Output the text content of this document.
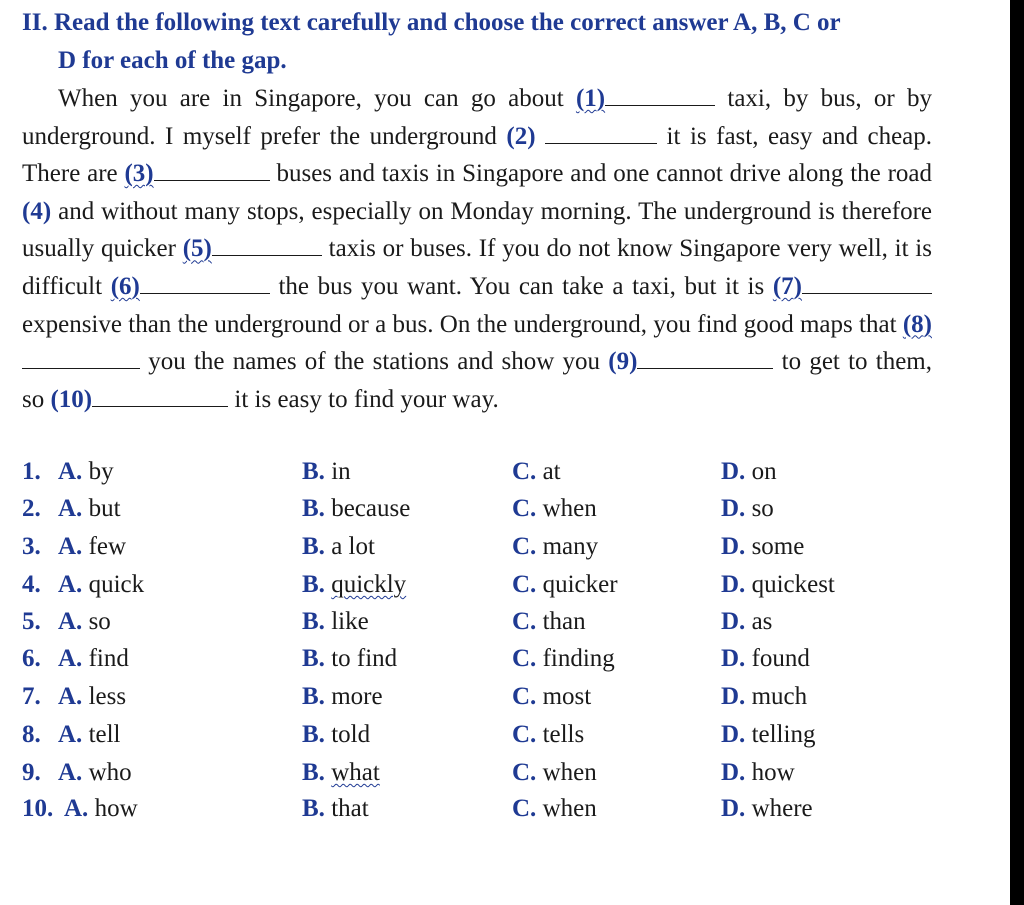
II. Read the following text carefully and choose the correct answer A, B, C or
D for each of the gap.
When you are in Singapore, you can go about (1)	taxi, by bus, or by underground. I myself prefer the underground (2)	it is fast, easy and cheap. There are (3)	buses and taxis in Singapore and one cannot drive along the road (4) and without many stops, especially on Monday morning. The underground is therefore usually quicker (5)	taxis or buses. If you do not know Singapore very well, it is difficult (6)	the bus you want. You can take a taxi, but it is (7) expensive than the underground or a bus. On the underground, you find good maps that (8) you the names of the stations and show you (9)	to get to them, so (10)	it is easy to find your way.
1. A. by	B. in	C. at	D. on
2. A. but	B. because	C. when	D. so
3. A. few	B. a lot	C. many	D. some
4. A. quick	B. quickly	C. quicker	D. quickest
5. A. so	B. like	C. than	D. as
6. A. find	B. to find	C. finding	D. found
7. A. less	B. more	C. most	D. much
8. A. tell	B. told	C. tells	D. telling
9. A. who	B. what	C. when	D. how
10. A. how	B. that	C. when	D. where
